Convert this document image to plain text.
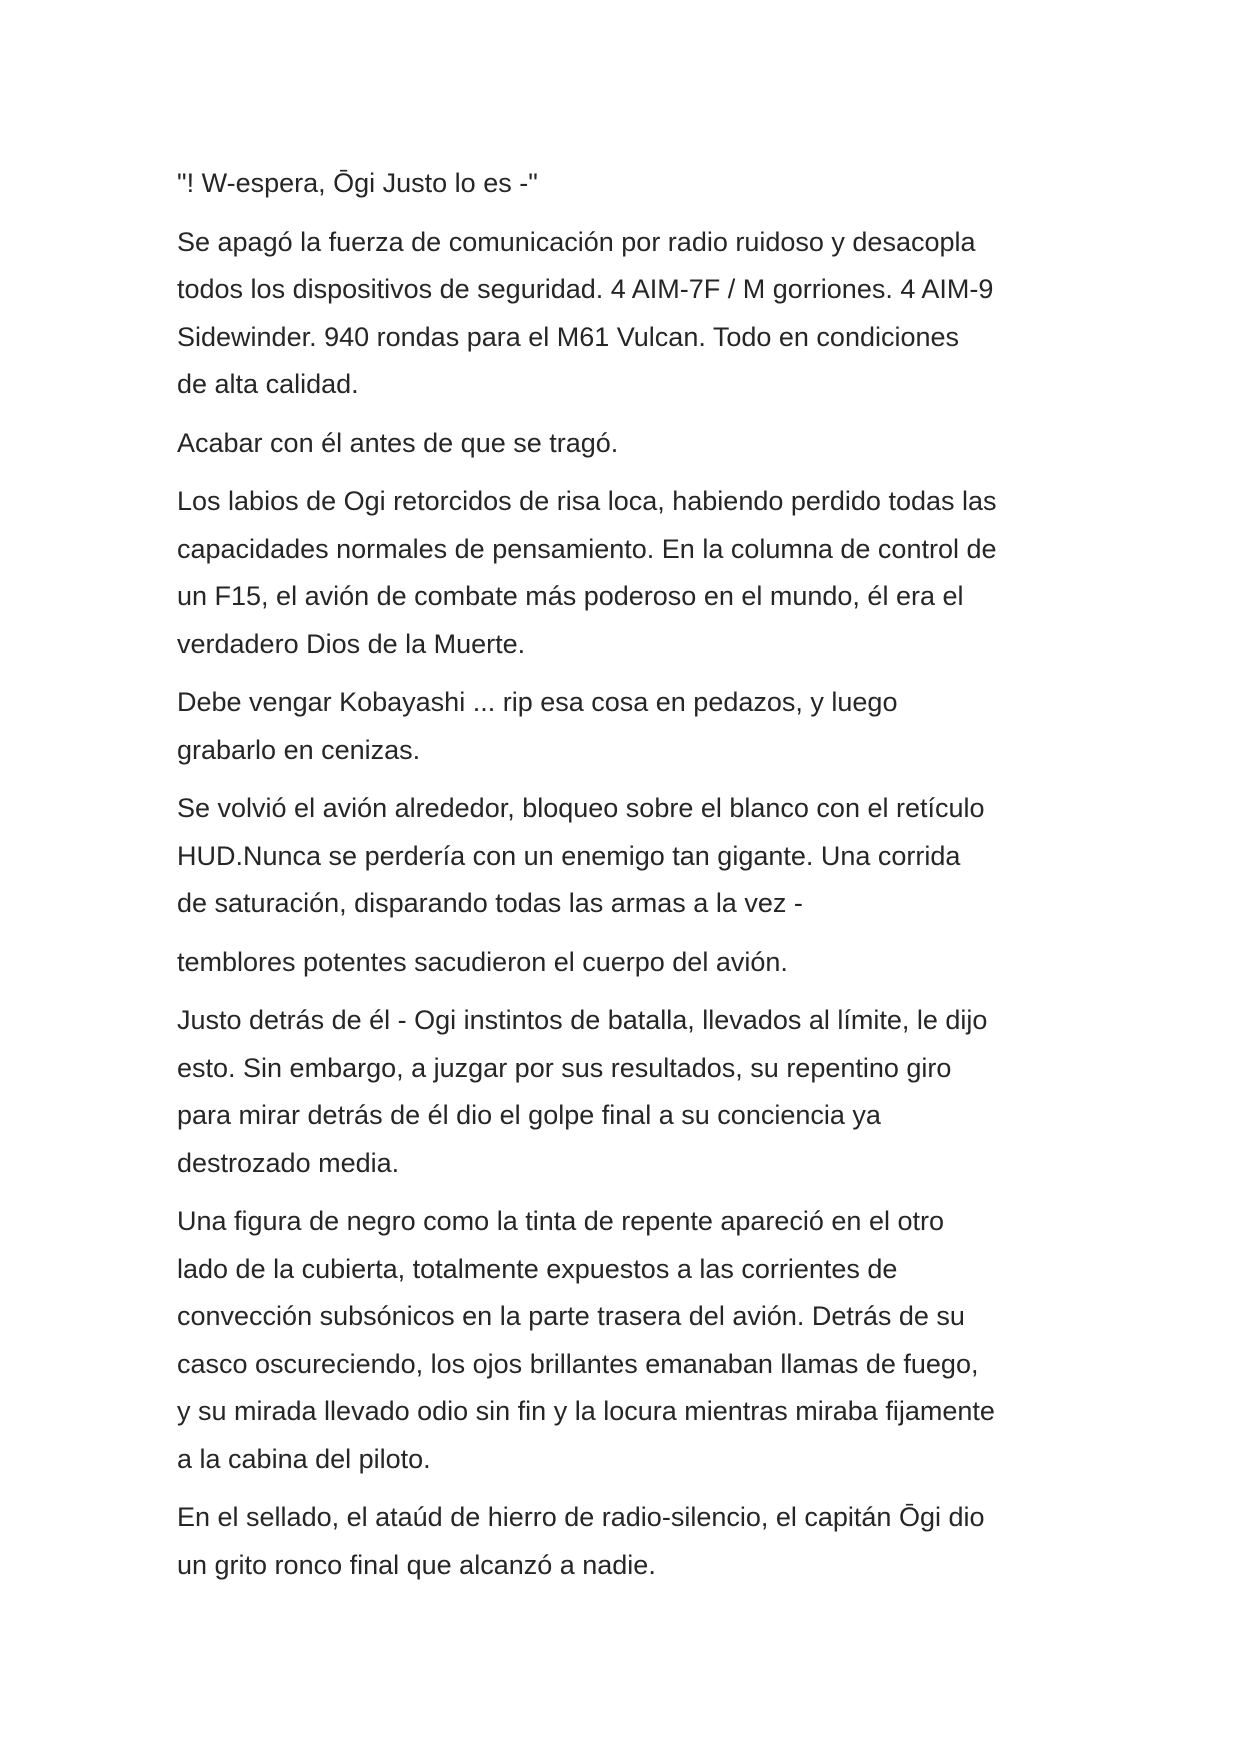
"! W-espera, Ōgi Justo lo es -"

Se apagó la fuerza de comunicación por radio ruidoso y desacopla
todos los dispositivos de seguridad. 4 AIM-7F / M gorriones. 4 AIM-9
Sidewinder. 940 rondas para el M61 Vulcan. Todo en condiciones
de alta calidad.

Acabar con él antes de que se tragó.

Los labios de Ogi retorcidos de risa loca, habiendo perdido todas las
capacidades normales de pensamiento. En la columna de control de
un F15, el avión de combate más poderoso en el mundo, él era el
verdadero Dios de la Muerte.

Debe vengar Kobayashi ... rip esa cosa en pedazos, y luego
grabarlo en cenizas.

Se volvió el avión alrededor, bloqueo sobre el blanco con el retículo
HUD.Nunca se perdería con un enemigo tan gigante. Una corrida
de saturación, disparando todas las armas a la vez -

temblores potentes sacudieron el cuerpo del avión.

Justo detrás de él - Ogi instintos de batalla, llevados al límite, le dijo
esto. Sin embargo, a juzgar por sus resultados, su repentino giro
para mirar detrás de él dio el golpe final a su conciencia ya
destrozado media.

Una figura de negro como la tinta de repente apareció en el otro
lado de la cubierta, totalmente expuestos a las corrientes de
convección subsónicos en la parte trasera del avión. Detrás de su
casco oscureciendo, los ojos brillantes emanaban llamas de fuego,
y su mirada llevado odio sin fin y la locura mientras miraba fijamente
a la cabina del piloto.

En el sellado, el ataúd de hierro de radio-silencio, el capitán Ōgi dio
un grito ronco final que alcanzó a nadie.
